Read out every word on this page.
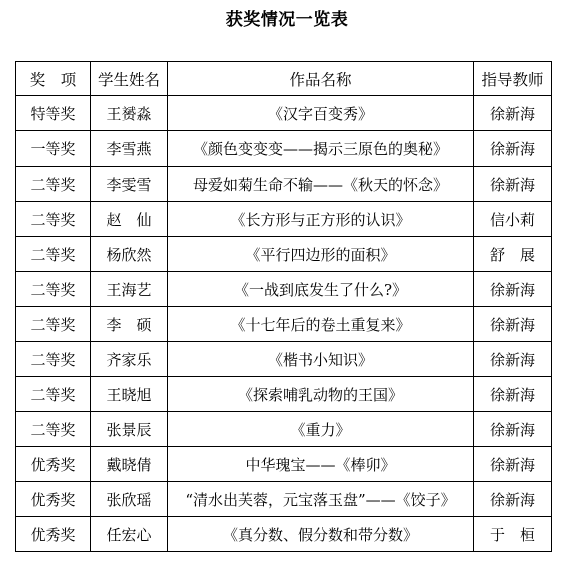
获奖情况一览表
奖　项	学生姓名	作品名称	指导教师
特等奖	王赟淼	《汉字百变秀》	徐新海
一等奖	李雪燕	《颜色变变变——揭示三原色的奥秘》	徐新海
二等奖	李雯雪	母爱如菊生命不输——《秋天的怀念》	徐新海
二等奖	赵　仙	《长方形与正方形的认识》	信小莉
二等奖	杨欣然	《平行四边形的面积》	舒　展
二等奖	王海艺	《一战到底发生了什么?》	徐新海
二等奖	李　硕	《十七年后的卷土重复来》	徐新海
二等奖	齐家乐	《楷书小知识》	徐新海
二等奖	王晓旭	《探索哺乳动物的王国》	徐新海
二等奖	张景辰	《重力》	徐新海
优秀奖	戴晓倩	中华瑰宝——《棒卯》	徐新海
优秀奖	张欣瑶	“清水出芙蓉，元宝落玉盘”——《饺子》	徐新海
优秀奖	任宏心	《真分数、假分数和带分数》	于　桓
